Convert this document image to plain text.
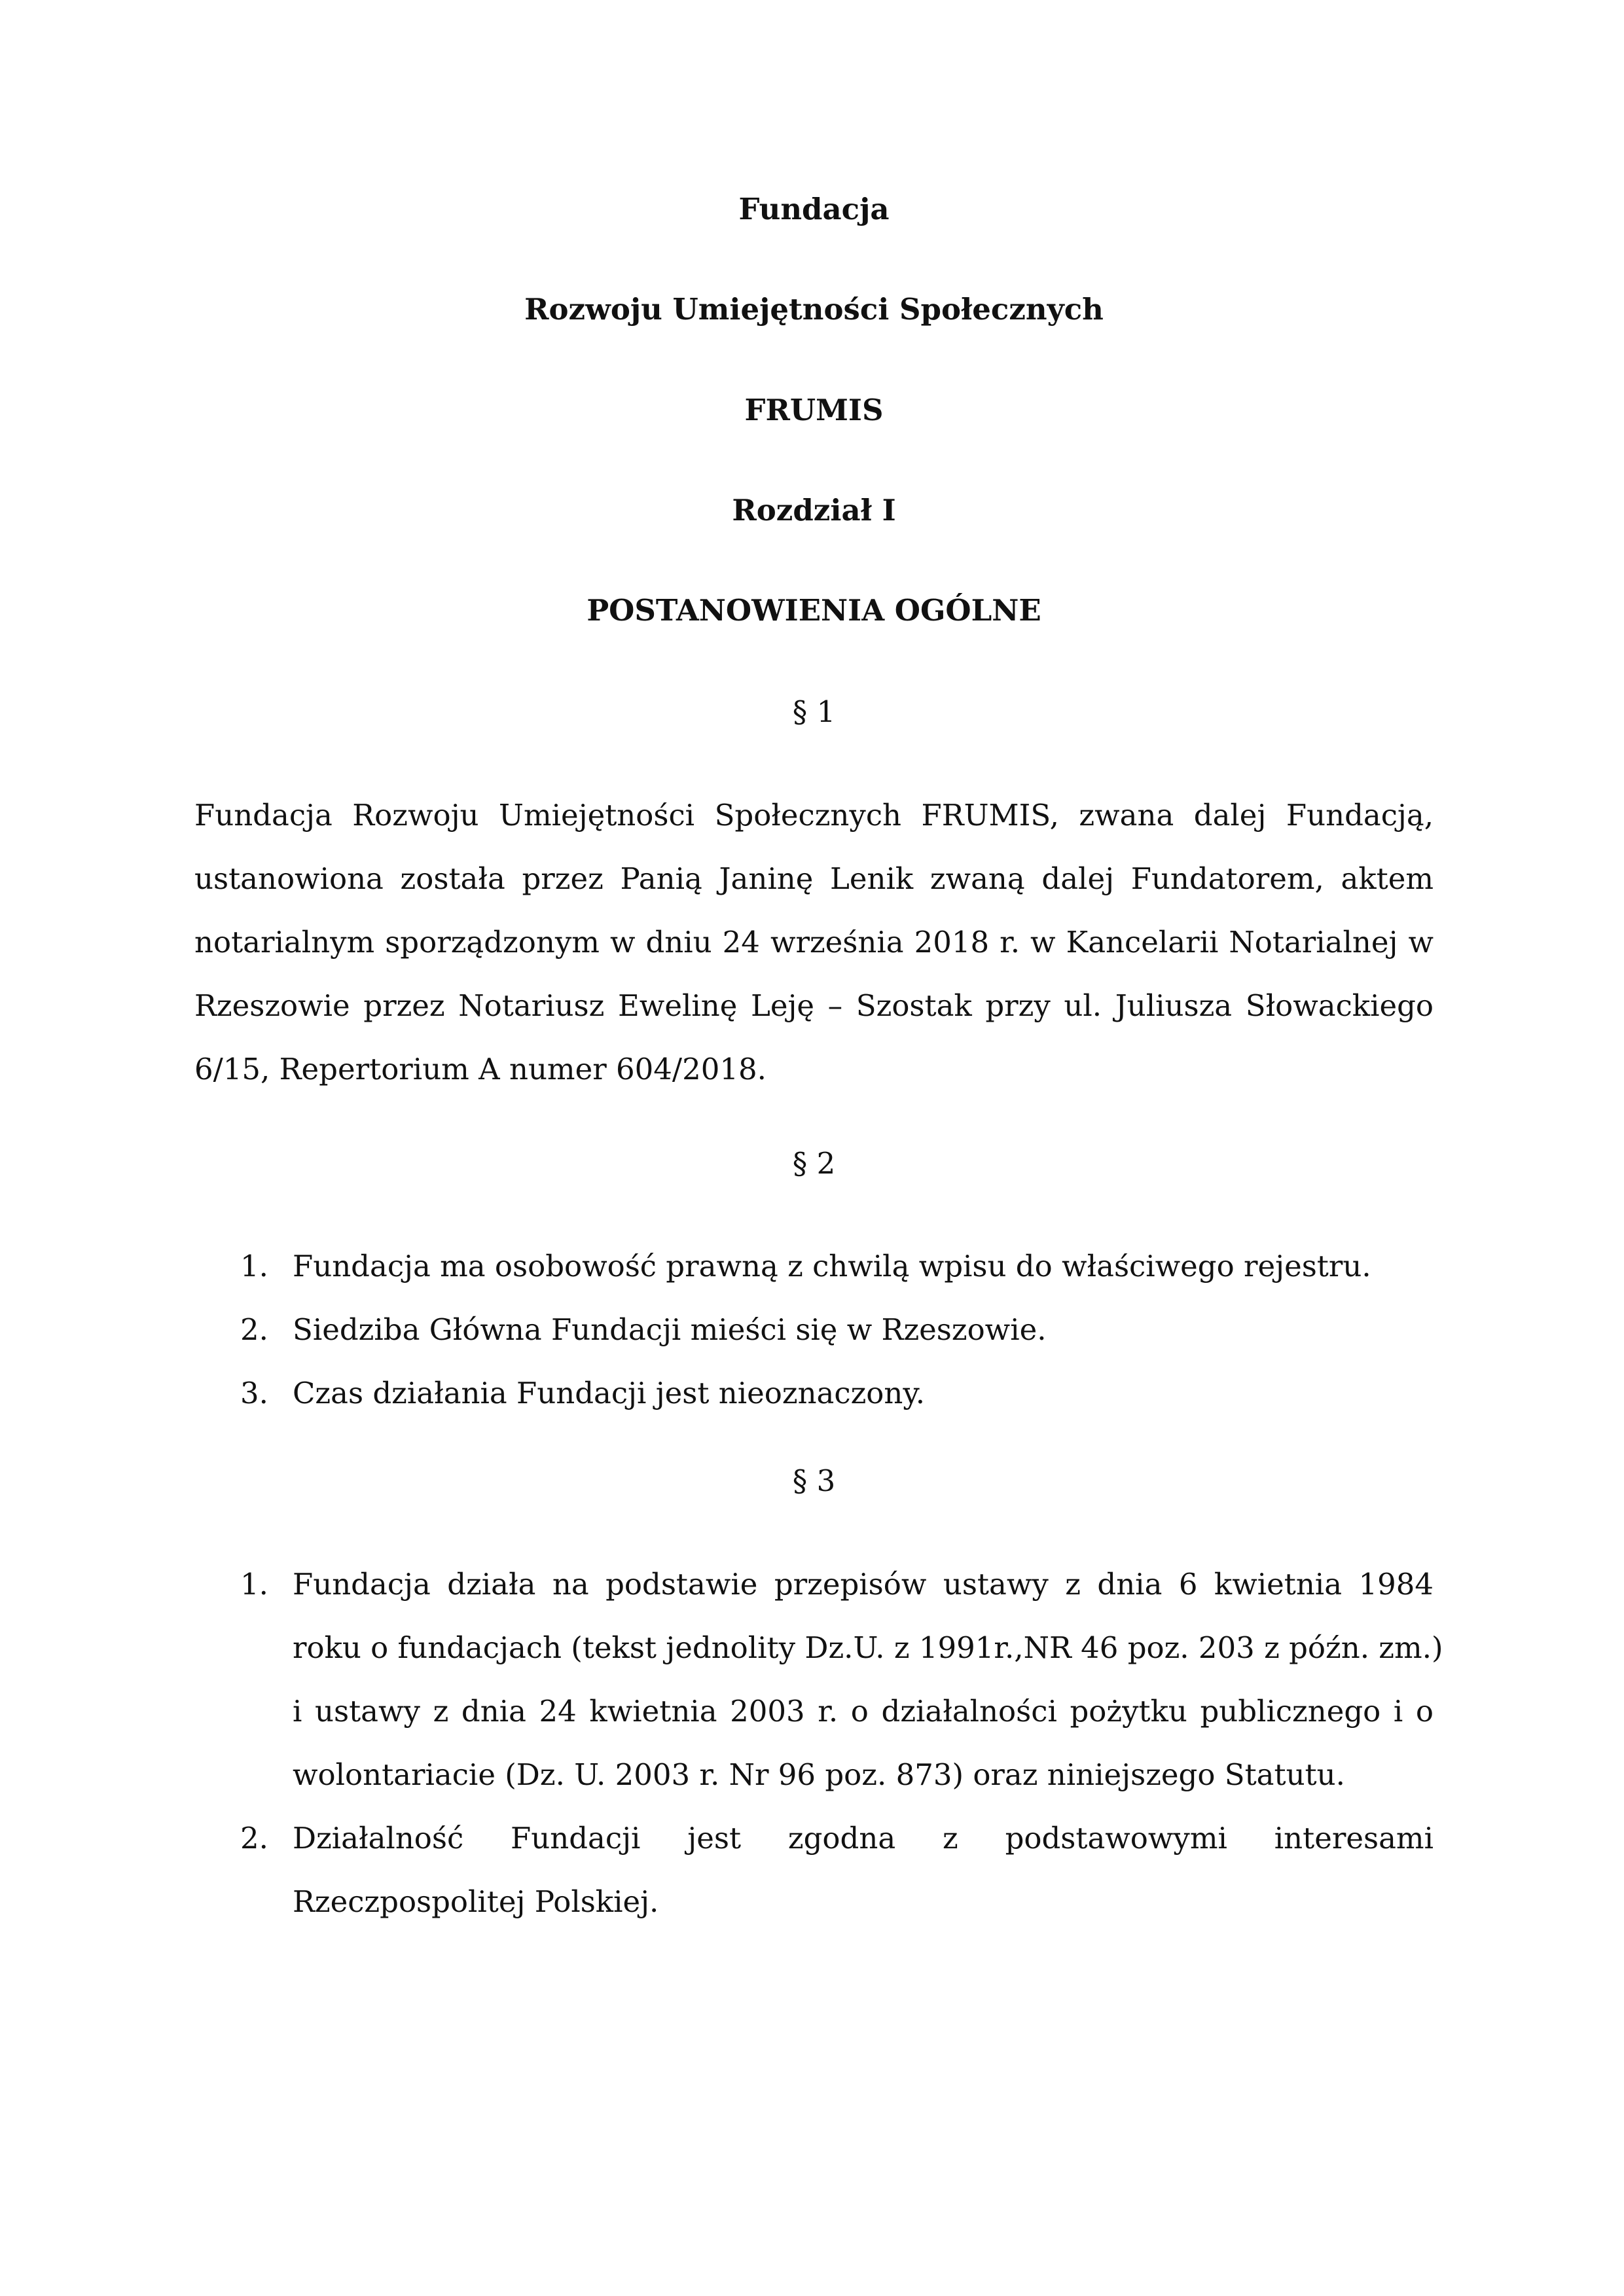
Fundacja
Rozwoju Umiejętności Społecznych
FRUMIS
Rozdział I
POSTANOWIENIA OGÓLNE
§ 1
Fundacja Rozwoju Umiejętności Społecznych FRUMIS, zwana dalej Fundacją,
ustanowiona została przez Panią Janinę Lenik zwaną dalej Fundatorem, aktem
notarialnym sporządzonym w dniu 24 września 2018 r. w Kancelarii Notarialnej w
Rzeszowie przez Notariusz Ewelinę Leję – Szostak przy ul. Juliusza Słowackiego
6/15, Repertorium A numer 604/2018.
§ 2
1. Fundacja ma osobowość prawną z chwilą wpisu do właściwego rejestru.
2. Siedziba Główna Fundacji mieści się w Rzeszowie.
3. Czas działania Fundacji jest nieoznaczony.
§ 3
1. Fundacja działa na podstawie przepisów ustawy z dnia 6 kwietnia 1984
roku o fundacjach (tekst jednolity Dz.U. z 1991r.,NR 46 poz. 203 z późn. zm.)
i ustawy z dnia 24 kwietnia 2003 r. o działalności pożytku publicznego i o
wolontariacie (Dz. U. 2003 r. Nr 96 poz. 873) oraz niniejszego Statutu.
2. Działalność Fundacji jest zgodna z podstawowymi interesami
Rzeczpospolitej Polskiej.
